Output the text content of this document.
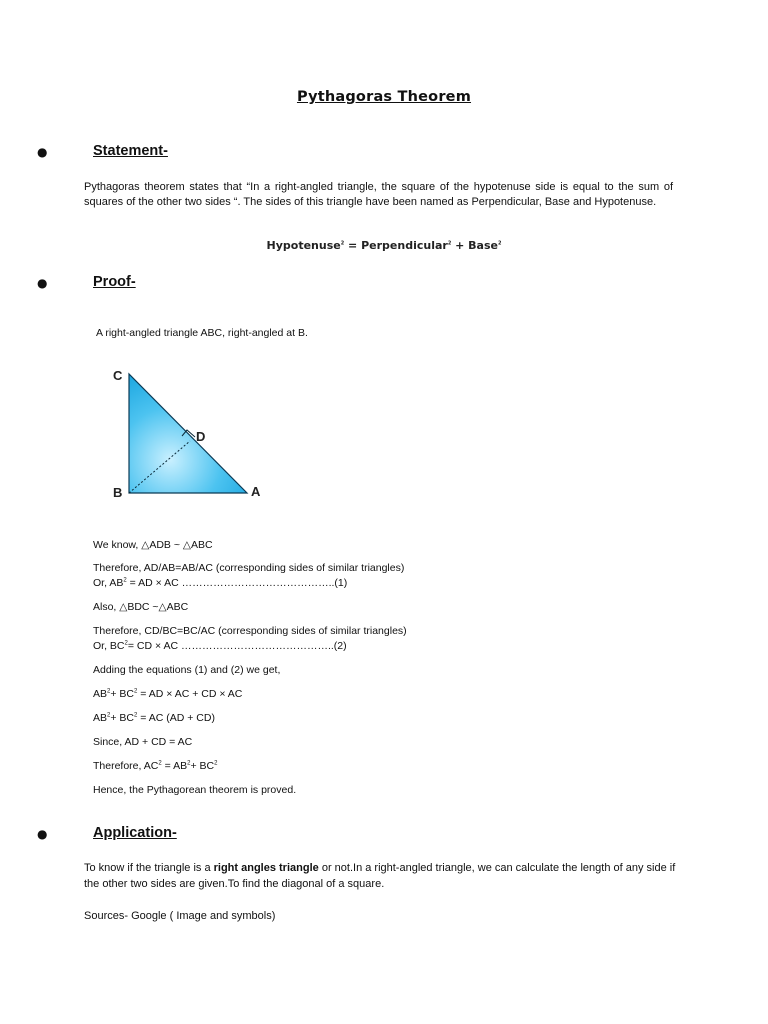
Pythagoras Theorem
●	Statement-

Pythagoras theorem states that “In a right-angled triangle, the square of the hypotenuse side is equal to the sum of squares of the other two sides “. The sides of this triangle have been named as Perpendicular, Base and Hypotenuse.

Hypotenuse$^2$ = Perpendicular$^2$ + Base$^2$
●	Proof-

A right-angled triangle ABC, right-angled at B.

C
D
B	A

We know, △ADB ~ △ABC

Therefore, AD/AB=AB/AC (corresponding sides of similar triangles)

Or, $AB^2$ = AD × AC ……………………………………..(1)

Also, △BDC ~△ABC

Therefore, CD/BC=BC/AC (corresponding sides of similar triangles)

Or, $BC^2=$ CD × AC ……………………………………..(2)

Adding the equations (1) and (2) we get,

$AB^2+ BC^2$ = AD × AC + CD × AC

$AB^2+ BC^2$ = AC (AD + CD)

Since, AD + CD = AC

Therefore, $AC^2 = AB^2+ BC^2$

Hence, the Pythagorean theorem is proved.

●	Application-

To know if the triangle is a right angles triangle or not.In a right-angled triangle, we can calculate the length of any side if the other two sides are given.To find the diagonal of a square.

Sources- Google ( Image and symbols)
